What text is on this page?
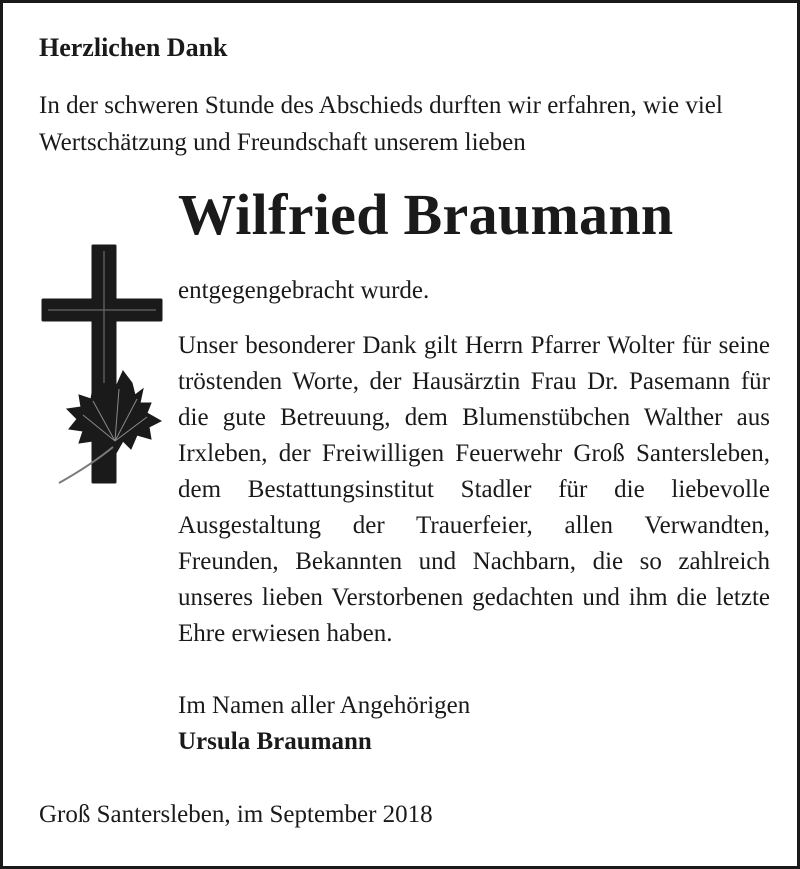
Herzlichen Dank

In der schweren Stunde des Abschieds durften wir erfahren, wie viel Wertschätzung und Freundschaft unserem lieben

Wilfried Braumann

entgegengebracht wurde.

Unser besonderer Dank gilt Herrn Pfarrer Wolter für seine tröstenden Worte, der Hausärztin Frau Dr. Pasemann für die gute Betreuung, dem Blumenstübchen Walther aus Irxleben, der Freiwilligen Feuerwehr Groß Santersleben, dem Bestattungsinstitut Stadler für die liebevolle Ausgestaltung der Trauerfeier, allen Verwandten, Freunden, Bekannten und Nachbarn, die so zahlreich unseres lieben Verstorbenen gedachten und ihm die letzte Ehre erwiesen haben.

Im Namen aller Angehörigen

Ursula Braumann

Groß Santersleben, im September 2018
